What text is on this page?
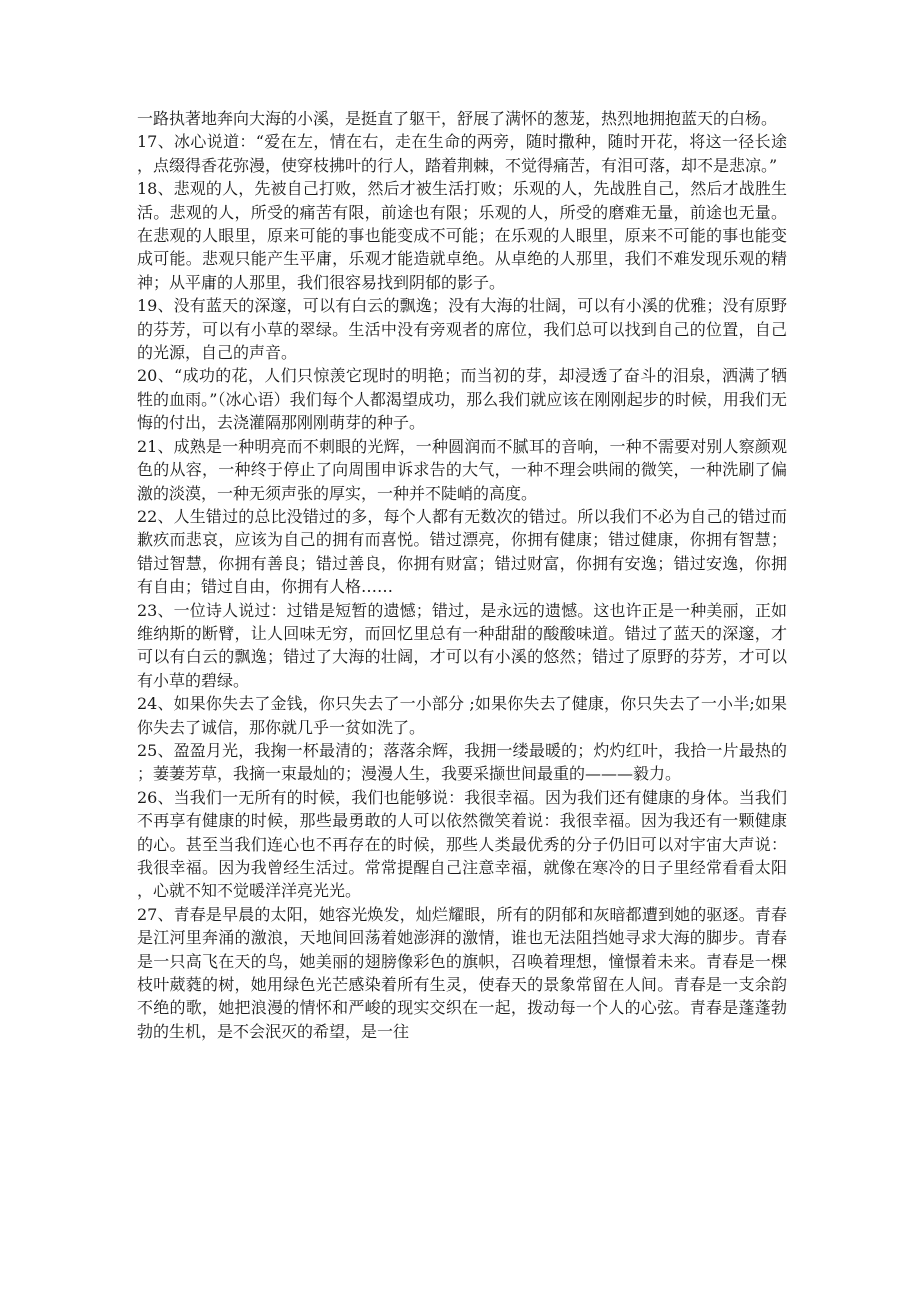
一路执著地奔向大海的小溪，是挺直了躯干，舒展了满怀的葱茏，热烈地拥抱蓝天的白杨。

17、冰心说道：“爱在左，情在右，走在生命的两旁，随时撒种，随时开花，将这一径长途，点缀得香花弥漫，使穿枝拂叶的行人，踏着荆棘，不觉得痛苦，有泪可落，却不是悲凉。”

18、悲观的人，先被自己打败，然后才被生活打败；乐观的人，先战胜自己，然后才战胜生活。悲观的人，所受的痛苦有限，前途也有限；乐观的人，所受的磨难无量，前途也无量。在悲观的人眼里，原来可能的事也能变成不可能；在乐观的人眼里，原来不可能的事也能变成可能。悲观只能产生平庸，乐观才能造就卓绝。从卓绝的人那里，我们不难发现乐观的精神；从平庸的人那里，我们很容易找到阴郁的影子。

19、没有蓝天的深邃，可以有白云的飘逸；没有大海的壮阔，可以有小溪的优雅；没有原野的芬芳，可以有小草的翠绿。生活中没有旁观者的席位，我们总可以找到自己的位置，自己的光源，自己的声音。

20、“成功的花，人们只惊羡它现时的明艳；而当初的芽，却浸透了奋斗的泪泉，洒满了牺牲的血雨。”（冰心语）我们每个人都渴望成功，那么我们就应该在刚刚起步的时候，用我们无悔的付出，去浇灌隔那刚刚萌芽的种子。

21、成熟是一种明亮而不刺眼的光辉，一种圆润而不腻耳的音响，一种不需要对别人察颜观色的从容，一种终于停止了向周围申诉求告的大气，一种不理会哄闹的微笑，一种洗刷了偏激的淡漠，一种无须声张的厚实，一种并不陡峭的高度。

22、人生错过的总比没错过的多，每个人都有无数次的错过。所以我们不必为自己的错过而歉疚而悲哀，应该为自己的拥有而喜悦。错过漂亮，你拥有健康；错过健康，你拥有智慧；错过智慧，你拥有善良；错过善良，你拥有财富；错过财富，你拥有安逸；错过安逸，你拥有自由；错过自由，你拥有人格……

23、一位诗人说过：过错是短暂的遗憾；错过，是永远的遗憾。这也许正是一种美丽，正如维纳斯的断臂，让人回味无穷，而回忆里总有一种甜甜的酸酸味道。错过了蓝天的深邃，才可以有白云的飘逸；错过了大海的壮阔，才可以有小溪的悠然；错过了原野的芬芳，才可以有小草的碧绿。

24、如果你失去了金钱，你只失去了一小部分 ;如果你失去了健康，你只失去了一小半;如果你失去了诚信，那你就几乎一贫如洗了。

25、盈盈月光，我掬一杯最清的；落落余辉，我拥一缕最暖的；灼灼红叶，我拾一片最热的；萋萋芳草，我摘一束最灿的；漫漫人生，我要采撷世间最重的———毅力。

26、当我们一无所有的时候，我们也能够说：我很幸福。因为我们还有健康的身体。当我们不再享有健康的时候，那些最勇敢的人可以依然微笑着说：我很幸福。因为我还有一颗健康的心。甚至当我们连心也不再存在的时候，那些人类最优秀的分子仍旧可以对宇宙大声说：我很幸福。因为我曾经生活过。常常提醒自己注意幸福，就像在寒冷的日子里经常看看太阳，心就不知不觉暖洋洋亮光光。

27、青春是早晨的太阳，她容光焕发，灿烂耀眼，所有的阴郁和灰暗都遭到她的驱逐。青春是江河里奔涌的激浪，天地间回荡着她澎湃的激情，谁也无法阻挡她寻求大海的脚步。青春是一只高飞在天的鸟，她美丽的翅膀像彩色的旗帜，召唤着理想，憧憬着未来。青春是一棵枝叶葳蕤的树，她用绿色光芒感染着所有生灵，使春天的景象常留在人间。青春是一支余韵不绝的歌，她把浪漫的情怀和严峻的现实交织在一起，拨动每一个人的心弦。青春是蓬蓬勃勃的生机，是不会泯灭的希望，是一往
